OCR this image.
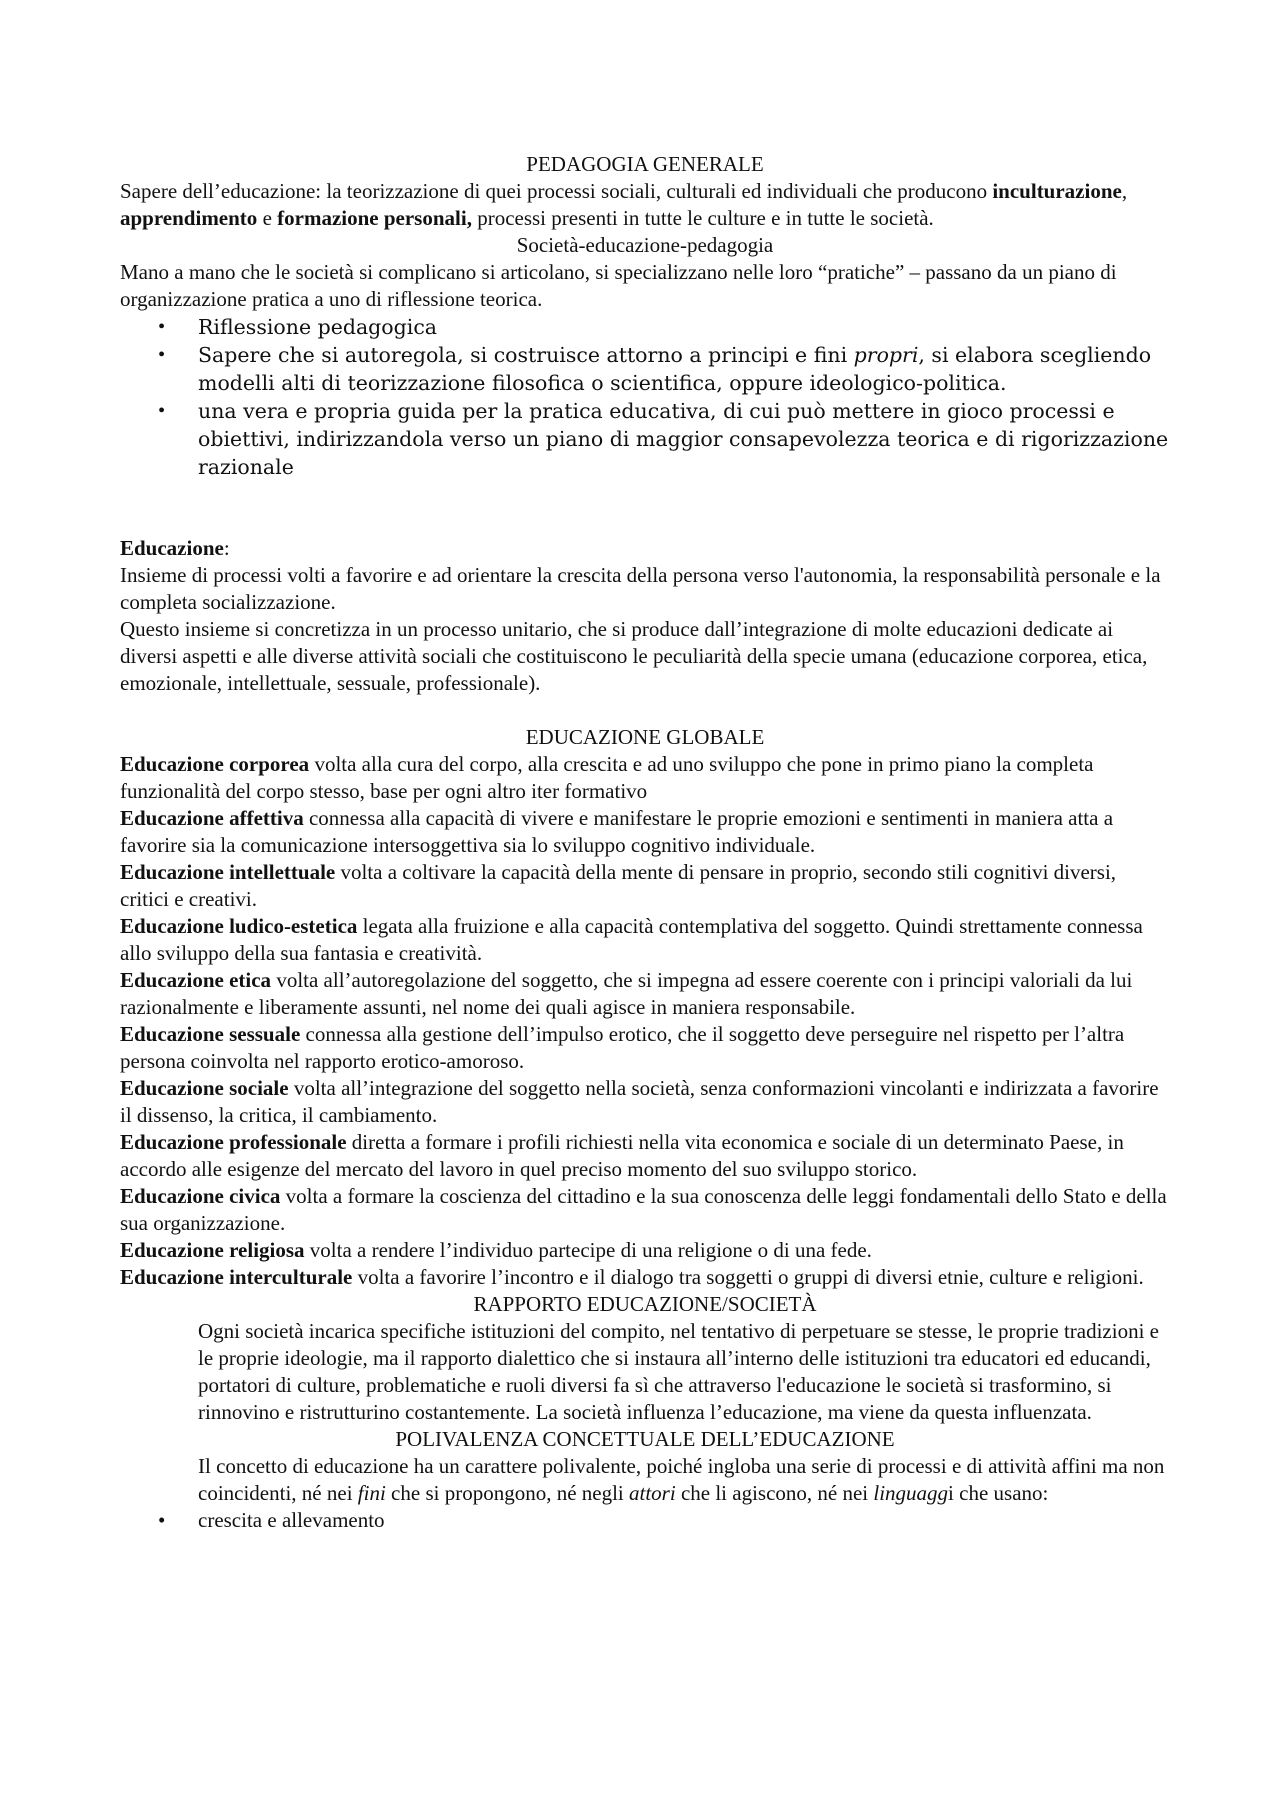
PEDAGOGIA GENERALE

Sapere dell’educazione: la teorizzazione di quei processi sociali, culturali ed individuali che producono inculturazione, apprendimento e formazione personali, processi presenti in tutte le culture e in tutte le società.

Società-educazione-pedagogia

Mano a mano che le società si complicano si articolano, si specializzano nelle loro “pratiche” – passano da un piano di organizzazione pratica a uno di riflessione teorica.

• Riflessione pedagogica
• Sapere che si autoregola, si costruisce attorno a principi e fini propri, si elabora scegliendo modelli alti di teorizzazione filosofica o scientifica, oppure ideologico-politica.
• una vera e propria guida per la pratica educativa, di cui può mettere in gioco processi e obiettivi, indirizzandola verso un piano di maggior consapevolezza teorica e di rigorizzazione razionale

Educazione:

Insieme di processi volti a favorire e ad orientare la crescita della persona verso l'autonomia, la responsabilità personale e la completa socializzazione.

Questo insieme si concretizza in un processo unitario, che si produce dall’integrazione di molte educazioni dedicate ai diversi aspetti e alle diverse attività sociali che costituiscono le peculiarità della specie umana (educazione corporea, etica, emozionale, intellettuale, sessuale, professionale).

EDUCAZIONE GLOBALE

Educazione corporea volta alla cura del corpo, alla crescita e ad uno sviluppo che pone in primo piano la completa funzionalità del corpo stesso, base per ogni altro iter formativo

Educazione affettiva connessa alla capacità di vivere e manifestare le proprie emozioni e sentimenti in maniera atta a favorire sia la comunicazione intersoggettiva sia lo sviluppo cognitivo individuale.

Educazione intellettuale volta a coltivare la capacità della mente di pensare in proprio, secondo stili cognitivi diversi, critici e creativi.

Educazione ludico-estetica legata alla fruizione e alla capacità contemplativa del soggetto. Quindi strettamente connessa allo sviluppo della sua fantasia e creatività.

Educazione etica volta all’autoregolazione del soggetto, che si impegna ad essere coerente con i principi valoriali da lui razionalmente e liberamente assunti, nel nome dei quali agisce in maniera responsabile.

Educazione sessuale connessa alla gestione dell’impulso erotico, che il soggetto deve perseguire nel rispetto per l’altra persona coinvolta nel rapporto erotico-amoroso.

Educazione sociale volta all’integrazione del soggetto nella società, senza conformazioni vincolanti e indirizzata a favorire il dissenso, la critica, il cambiamento.

Educazione professionale diretta a formare i profili richiesti nella vita economica e sociale di un determinato Paese, in accordo alle esigenze del mercato del lavoro in quel preciso momento del suo sviluppo storico.

Educazione civica volta a formare la coscienza del cittadino e la sua conoscenza delle leggi fondamentali dello Stato e della sua organizzazione.

Educazione religiosa volta a rendere l’individuo partecipe di una religione o di una fede.

Educazione interculturale volta a favorire l’incontro e il dialogo tra soggetti o gruppi di diversi etnie, culture e religioni.

RAPPORTO EDUCAZIONE/SOCIETÀ

Ogni società incarica specifiche istituzioni del compito, nel tentativo di perpetuare se stesse, le proprie tradizioni e le proprie ideologie, ma il rapporto dialettico che si instaura all’interno delle istituzioni tra educatori ed educandi, portatori di culture, problematiche e ruoli diversi fa sì che attraverso l'educazione le società si trasformino, si rinnovino e ristrutturino costantemente. La società influenza l’educazione, ma viene da questa influenzata.

POLIVALENZA CONCETTUALE DELL’EDUCAZIONE

Il concetto di educazione ha un carattere polivalente, poiché ingloba una serie di processi e di attività affini ma non coincidenti, né nei fini che si propongono, né negli attori che li agiscono, né nei linguaggi che usano:

• crescita e allevamento
